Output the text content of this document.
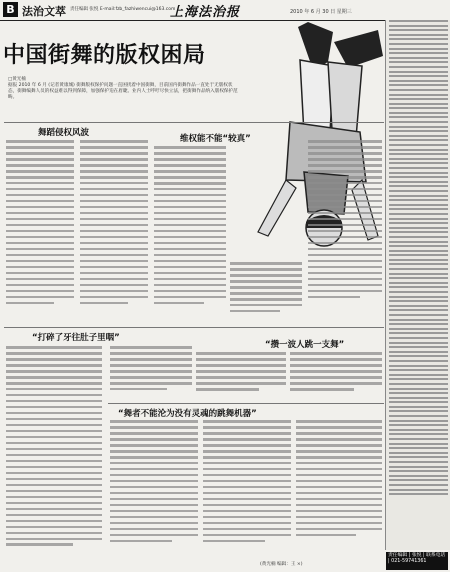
B 法治文萃 责任编辑 张悦 E-mail:fzb_fazhiwencui@163.com
上海法治报	2010 年 6 月 30 日 星期三
中国街舞的版权困局
□黄光楠
据报 2010 年 6 月 (记者黄康城) 街舞版权保护问题一直困扰着中国街舞，目前国内街舞作品一直处于无版权状态，街舞编舞人员的权益难以得到保障，加强保护迫在眉睫。业内人士呼吁尽快立法，把街舞作品纳入版权保护范畴。
舞蹈侵权风波
维权能不能“较真”
“打碎了牙往肚子里咽”
“攒一波人跳一支舞”
“舞者不能沦为没有灵魂的跳舞机器”
责任编辑 | 张悦 | 联系电话 | 021-59741361
(黄光楠 编辑：王 ×)
